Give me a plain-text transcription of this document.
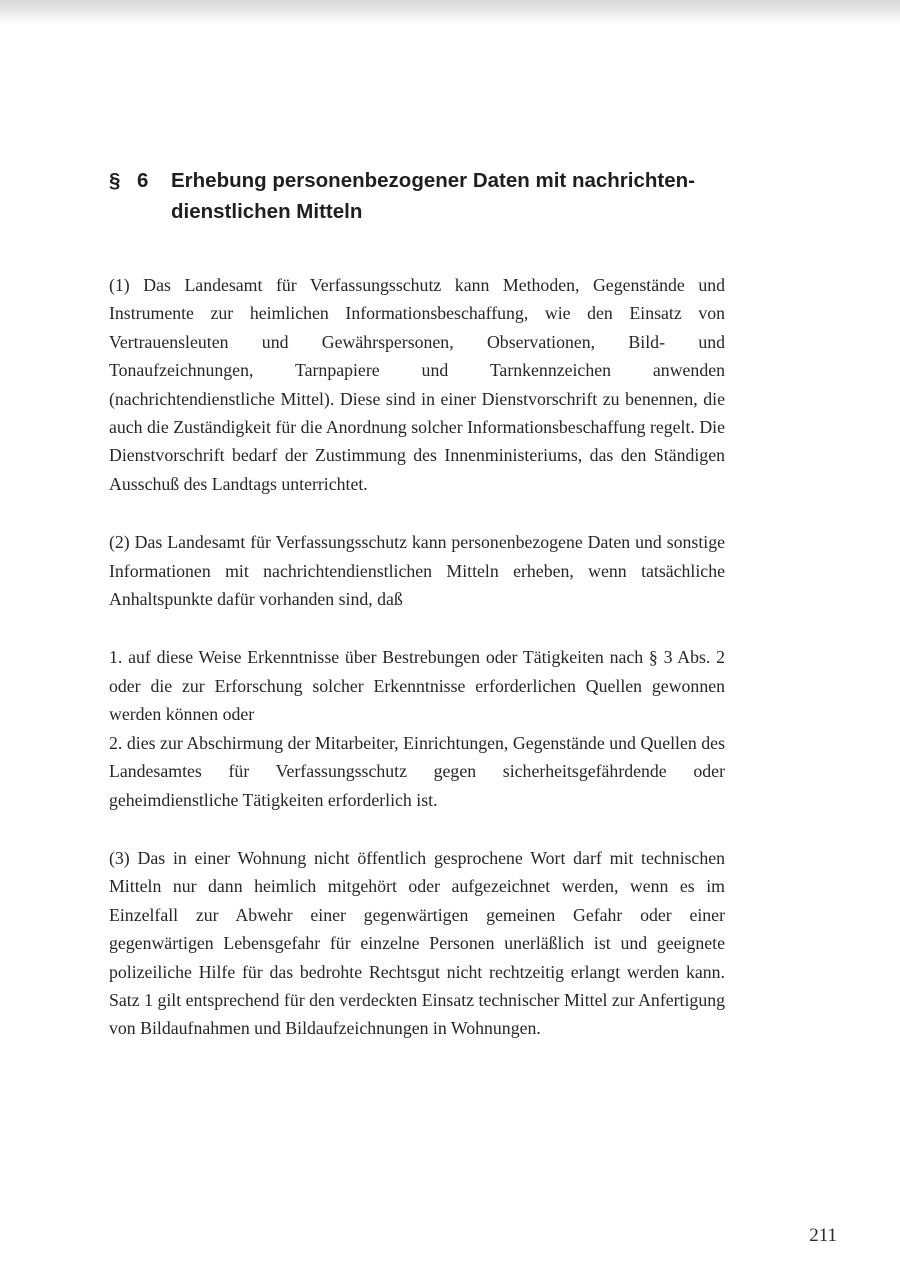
§ 6	Erhebung personenbezogener Daten mit nachrichtendienstlichen Mitteln

(1) Das Landesamt für Verfassungsschutz kann Methoden, Gegenstände und Instrumente zur heimlichen Informationsbeschaffung, wie den Einsatz von Vertrauensleuten und Gewährspersonen, Observationen, Bild- und Tonaufzeichnungen, Tarnpapiere und Tarnkennzeichen anwenden (nachrichtendienstliche Mittel). Diese sind in einer Dienstvorschrift zu benennen, die auch die Zuständigkeit für die Anordnung solcher Informationsbeschaffung regelt. Die Dienstvorschrift bedarf der Zustimmung des Innenministeriums, das den Ständigen Ausschuß des Landtags unterrichtet.

(2) Das Landesamt für Verfassungsschutz kann personenbezogene Daten und sonstige Informationen mit nachrichtendienstlichen Mitteln erheben, wenn tatsächliche Anhaltspunkte dafür vorhanden sind, daß

1. auf diese Weise Erkenntnisse über Bestrebungen oder Tätigkeiten nach § 3 Abs. 2 oder die zur Erforschung solcher Erkenntnisse erforderlichen Quellen gewonnen werden können oder

2. dies zur Abschirmung der Mitarbeiter, Einrichtungen, Gegenstände und Quellen des Landesamtes für Verfassungsschutz gegen sicherheitsgefährdende oder geheimdienstliche Tätigkeiten erforderlich ist.

(3) Das in einer Wohnung nicht öffentlich gesprochene Wort darf mit technischen Mitteln nur dann heimlich mitgehört oder aufgezeichnet werden, wenn es im Einzelfall zur Abwehr einer gegenwärtigen gemeinen Gefahr oder einer gegenwärtigen Lebensgefahr für einzelne Personen unerläßlich ist und geeignete polizeiliche Hilfe für das bedrohte Rechtsgut nicht rechtzeitig erlangt werden kann. Satz 1 gilt entsprechend für den verdeckten Einsatz technischer Mittel zur Anfertigung von Bildaufnahmen und Bildaufzeichnungen in Wohnungen.

211
